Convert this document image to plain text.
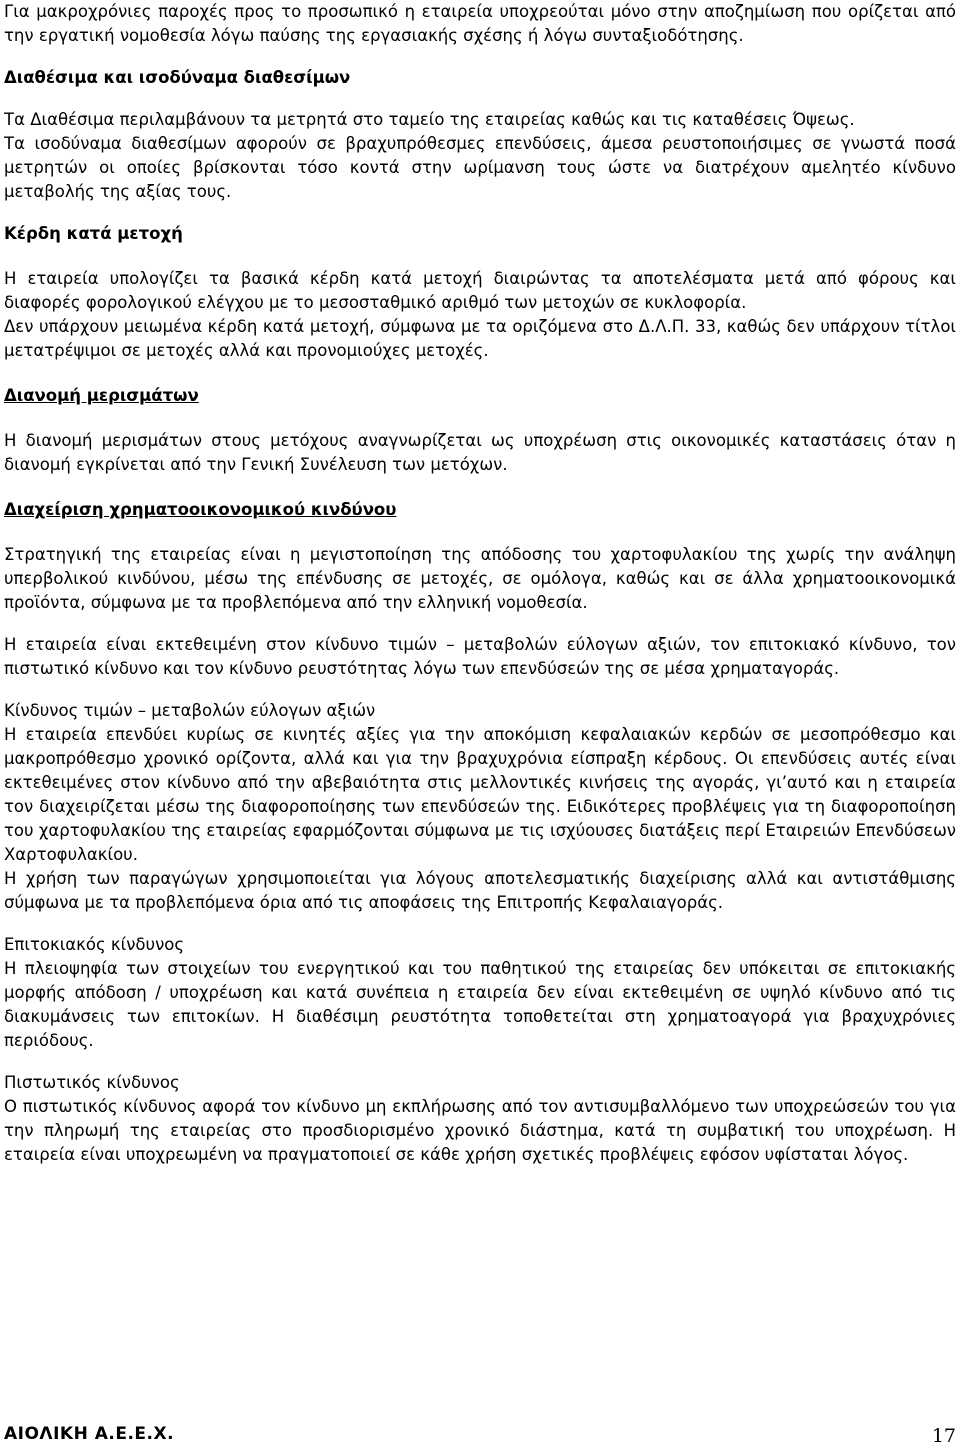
Για μακροχρόνιες παροχές προς το προσωπικό η εταιρεία υποχρεούται μόνο στην αποζημίωση που ορίζεται από την εργατική νομοθεσία λόγω παύσης της εργασιακής σχέσης ή λόγω συνταξιοδότησης.

Διαθέσιμα και ισοδύναμα διαθεσίμων

Τα Διαθέσιμα περιλαμβάνουν τα μετρητά στο ταμείο της εταιρείας καθώς και τις καταθέσεις Όψεως.

Τα ισοδύναμα διαθεσίμων αφορούν σε βραχυπρόθεσμες επενδύσεις, άμεσα ρευστοποιήσιμες σε γνωστά ποσά μετρητών οι οποίες βρίσκονται τόσο κοντά στην ωρίμανση τους ώστε να διατρέχουν αμελητέο κίνδυνο μεταβολής της αξίας τους.

Κέρδη κατά μετοχή

Η εταιρεία υπολογίζει τα βασικά κέρδη κατά μετοχή διαιρώντας τα αποτελέσματα μετά από φόρους και διαφορές φορολογικού ελέγχου με το μεσοσταθμικό αριθμό των μετοχών σε κυκλοφορία.

Δεν υπάρχουν μειωμένα κέρδη κατά μετοχή, σύμφωνα με τα οριζόμενα στο Δ.Λ.Π. 33, καθώς δεν υπάρχουν τίτλοι μετατρέψιμοι σε μετοχές αλλά και προνομιούχες μετοχές.

Διανομή μερισμάτων

Η διανομή μερισμάτων στους μετόχους αναγνωρίζεται ως υποχρέωση στις οικονομικές καταστάσεις όταν η διανομή εγκρίνεται από την Γενική Συνέλευση των μετόχων.

Διαχείριση χρηματοοικονομικού κινδύνου

Στρατηγική της εταιρείας είναι η μεγιστοποίηση της απόδοσης του χαρτοφυλακίου της χωρίς την ανάληψη υπερβολικού κινδύνου, μέσω της επένδυσης σε μετοχές, σε ομόλογα, καθώς και σε άλλα χρηματοοικονομικά προϊόντα, σύμφωνα με τα προβλεπόμενα από την ελληνική νομοθεσία.

Η εταιρεία είναι εκτεθειμένη στον κίνδυνο τιμών – μεταβολών εύλογων αξιών, τον επιτοκιακό κίνδυνο, τον πιστωτικό κίνδυνο και τον κίνδυνο ρευστότητας λόγω των επενδύσεών της σε μέσα χρηματαγοράς.

Κίνδυνος τιμών – μεταβολών εύλογων αξιών

Η εταιρεία επενδύει κυρίως σε κινητές αξίες για την αποκόμιση κεφαλαιακών κερδών σε μεσοπρόθεσμο και μακροπρόθεσμο χρονικό ορίζοντα, αλλά και για την βραχυχρόνια είσπραξη κέρδους. Οι επενδύσεις αυτές είναι εκτεθειμένες στον κίνδυνο από την αβεβαιότητα στις μελλοντικές κινήσεις της αγοράς, γι’αυτό και η εταιρεία τον διαχειρίζεται μέσω της διαφοροποίησης των επενδύσεών της. Ειδικότερες προβλέψεις για τη διαφοροποίηση του χαρτοφυλακίου της εταιρείας εφαρμόζονται σύμφωνα με τις ισχύουσες διατάξεις περί Εταιρειών Επενδύσεων Χαρτοφυλακίου.

Η χρήση των παραγώγων χρησιμοποιείται για λόγους αποτελεσματικής διαχείρισης αλλά και αντιστάθμισης σύμφωνα με τα προβλεπόμενα όρια από τις αποφάσεις της Επιτροπής Κεφαλαιαγοράς.

Επιτοκιακός κίνδυνος

Η πλειοψηφία των στοιχείων του ενεργητικού και του παθητικού της εταιρείας δεν υπόκειται σε επιτοκιακής μορφής απόδοση / υποχρέωση και κατά συνέπεια η εταιρεία δεν είναι εκτεθειμένη σε υψηλό κίνδυνο από τις διακυμάνσεις των επιτοκίων. Η διαθέσιμη ρευστότητα τοποθετείται στη χρηματοαγορά για βραχυχρόνιες περιόδους.

Πιστωτικός κίνδυνος

Ο πιστωτικός κίνδυνος αφορά τον κίνδυνο μη εκπλήρωσης από τον αντισυμβαλλόμενο των υποχρεώσεών του για την πληρωμή της εταιρείας στο προσδιορισμένο χρονικό διάστημα, κατά τη συμβατική του υποχρέωση. Η εταιρεία είναι υποχρεωμένη να πραγματοποιεί σε κάθε χρήση σχετικές προβλέψεις εφόσον υφίσταται λόγος.

ΑΙΟΛΙΚΗ Α.Ε.Ε.Χ.	17
